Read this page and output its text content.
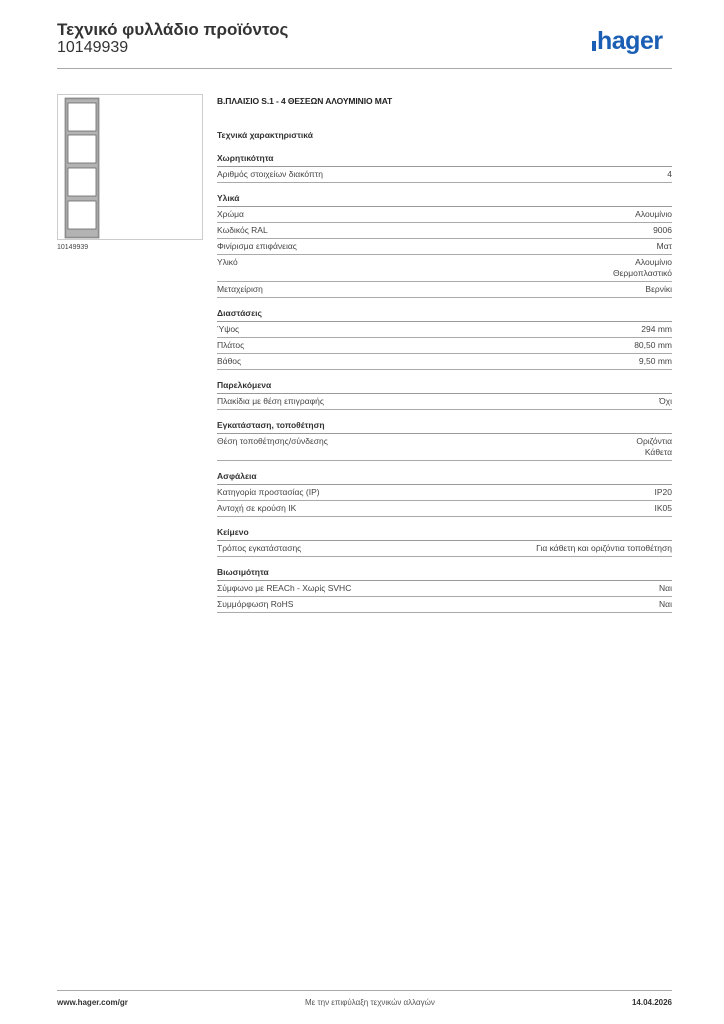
Τεχνικό φυλλάδιο προϊόντος
10149939	hager
10149939
Β.ΠΛΑΙΣΙΟ S.1 - 4 ΘΕΣΕΩΝ ΑΛΟΥΜΙΝΙΟ ΜΑΤ
Τεχνικά χαρακτηριστικά
Χωρητικότητα
Αριθμός στοιχείων διακόπτη	4
Υλικά
Χρώμα	Αλουμίνιο
Κωδικός RAL	9006
Φινίρισμα επιφάνειας	Ματ
Υλικό	Αλουμίνιο
Θερμοπλαστικό
Μεταχείριση	Βερνίκι
Διαστάσεις
Ύψος	294 mm
Πλάτος	80,50 mm
Βάθος	9,50 mm
Παρελκόμενα
Πλακίδια με θέση επιγραφής	Όχι
Εγκατάσταση, τοποθέτηση
Θέση τοποθέτησης/σύνδεσης	Οριζόντια
Κάθετα
Ασφάλεια
Κατηγορία προστασίας (IP)	IP20
Αντοχή σε κρούση IK	IK05
Κείμενο
Τρόπος εγκατάστασης	Για κάθετη και οριζόντια τοποθέτηση
Βιωσιμότητα
Σύμφωνο με REACh - Χωρίς SVHC	Ναι
Συμμόρφωση RoHS	Ναι
www.hager.com/gr	Με την επιφύλαξη τεχνικών αλλαγών	14.04.2026
